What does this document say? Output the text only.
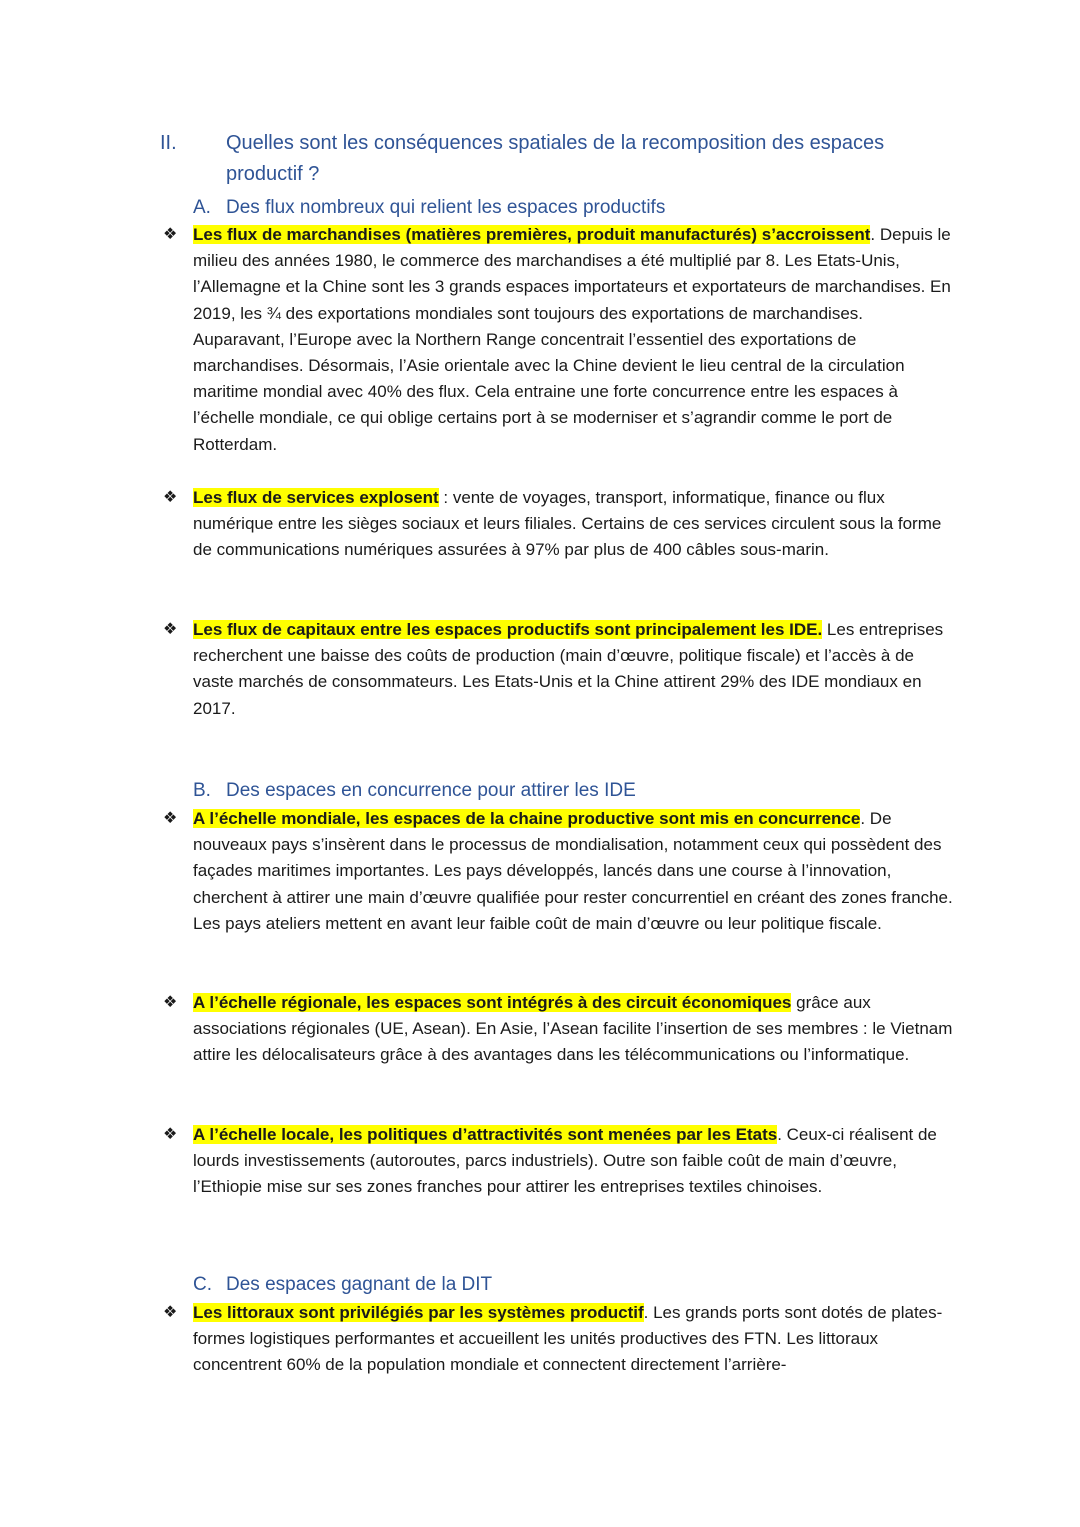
II. Quelles sont les conséquences spatiales de la recomposition des espaces productif ?
A. Des flux nombreux qui relient les espaces productifs
❖ Les flux de marchandises (matières premières, produit manufacturés) s’accroissent. Depuis le milieu des années 1980, le commerce des marchandises a été multiplié par 8. Les Etats-Unis, l’Allemagne et la Chine sont les 3 grands espaces importateurs et exportateurs de marchandises. En 2019, les ¾ des exportations mondiales sont toujours des exportations de marchandises. Auparavant, l’Europe avec la Northern Range concentrait l’essentiel des exportations de marchandises. Désormais, l’Asie orientale avec la Chine devient le lieu central de la circulation maritime mondial avec 40% des flux. Cela entraine une forte concurrence entre les espaces à l’échelle mondiale, ce qui oblige certains port à se moderniser et s’agrandir comme le port de Rotterdam.
❖ Les flux de services explosent : vente de voyages, transport, informatique, finance ou flux numérique entre les sièges sociaux et leurs filiales. Certains de ces services circulent sous la forme de communications numériques assurées à 97% par plus de 400 câbles sous-marin.
❖ Les flux de capitaux entre les espaces productifs sont principalement les IDE. Les entreprises recherchent une baisse des coûts de production (main d’œuvre, politique fiscale) et l’accès à de vaste marchés de consommateurs. Les Etats-Unis et la Chine attirent 29% des IDE mondiaux en 2017.
B. Des espaces en concurrence pour attirer les IDE
❖ A l’échelle mondiale, les espaces de la chaine productive sont mis en concurrence. De nouveaux pays s’insèrent dans le processus de mondialisation, notamment ceux qui possèdent des façades maritimes importantes. Les pays développés, lancés dans une course à l’innovation, cherchent à attirer une main d’œuvre qualifiée pour rester concurrentiel en créant des zones franche. Les pays ateliers mettent en avant leur faible coût de main d’œuvre ou leur politique fiscale.
❖ A l’échelle régionale, les espaces sont intégrés à des circuit économiques grâce aux associations régionales (UE, Asean). En Asie, l’Asean facilite l’insertion de ses membres : le Vietnam attire les délocalisateurs grâce à des avantages dans les télécommunications ou l’informatique.
❖ A l’échelle locale, les politiques d’attractivités sont menées par les Etats. Ceux-ci réalisent de lourds investissements (autoroutes, parcs industriels). Outre son faible coût de main d’œuvre, l’Ethiopie mise sur ses zones franches pour attirer les entreprises textiles chinoises.
C. Des espaces gagnant de la DIT
❖ Les littoraux sont privilégiés par les systèmes productif. Les grands ports sont dotés de plates-formes logistiques performantes et accueillent les unités productives des FTN. Les littoraux concentrent 60% de la population mondiale et connectent directement l’arrière-
